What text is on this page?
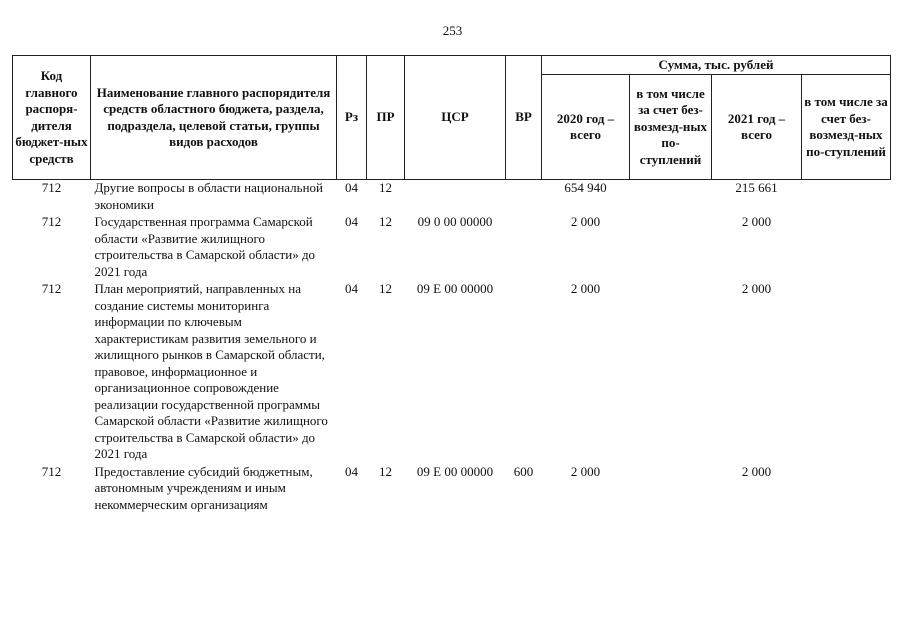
253
Код главного распоря-дителя бюджет-ных средств	Наименование главного распорядителя средств областного бюджета, раздела, подраздела, целевой статьи, группы видов расходов	Рз	ПР	ЦСР	ВР	Сумма, тыс. рублей			
						2020 год – всего	в том числе за счет без-возмезд-ных по-ступлений	2021 год – всего	в том числе за счет без-возмезд-ных по-ступлений
712	Другие вопросы в области национальной экономики	04	12			654 940		215 661	
712	Государственная программа Самарской области «Развитие жилищного строительства в Самарской области» до 2021 года	04	12	09 0 00 00000		2 000		2 000	
712	План мероприятий, направленных на создание системы мониторинга информации по ключевым характеристикам развития земельного и жилищного рынков в Самарской области, правовое, информационное и организационное сопровождение реализации государственной программы Самарской области «Развитие жилищного строительства в Самарской области» до 2021 года	04	12	09 Е 00 00000		2 000		2 000	
712	Предоставление субсидий бюджетным, автономным учреждениям и иным некоммерческим организациям	04	12	09 Е 00 00000	600	2 000		2 000	
